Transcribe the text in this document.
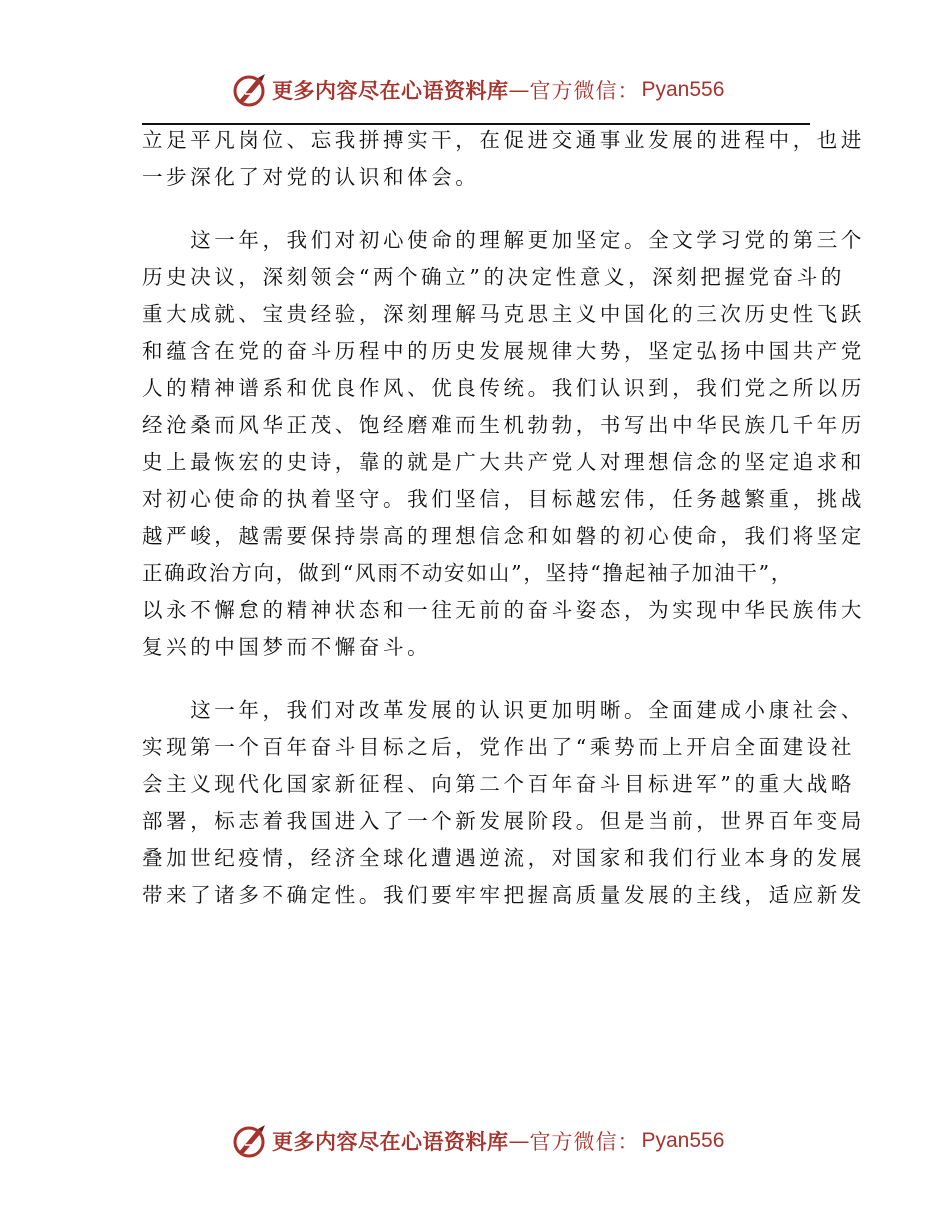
更多内容尽在心语资料库 — 官方微信： Pyan556

立足平凡岗位、忘我拼搏实干，在促进交通事业发展的进程中，也进

一步深化了对党的认识和体会。

　　这一年，我们对初心使命的理解更加坚定。全文学习党的第三个

历史决议，深刻领会“两个确立”的决定性意义，深刻把握党奋斗的

重大成就、宝贵经验，深刻理解马克思主义中国化的三次历史性飞跃

和蕴含在党的奋斗历程中的历史发展规律大势，坚定弘扬中国共产党

人的精神谱系和优良作风、优良传统。我们认识到，我们党之所以历

经沧桑而风华正茂、饱经磨难而生机勃勃，书写出中华民族几千年历

史上最恢宏的史诗，靠的就是广大共产党人对理想信念的坚定追求和

对初心使命的执着坚守。我们坚信，目标越宏伟，任务越繁重，挑战

越严峻，越需要保持崇高的理想信念和如磐的初心使命，我们将坚定

正确政治方向，做到“风雨不动安如山”，坚持“撸起袖子加油干”，

以永不懈怠的精神状态和一往无前的奋斗姿态，为实现中华民族伟大

复兴的中国梦而不懈奋斗。

　　这一年，我们对改革发展的认识更加明晰。全面建成小康社会、

实现第一个百年奋斗目标之后，党作出了“乘势而上开启全面建设社

会主义现代化国家新征程、向第二个百年奋斗目标进军”的重大战略

部署，标志着我国进入了一个新发展阶段。但是当前，世界百年变局

叠加世纪疫情，经济全球化遭遇逆流，对国家和我们行业本身的发展

带来了诸多不确定性。我们要牢牢把握高质量发展的主线，适应新发

更多内容尽在心语资料库 — 官方微信： Pyan556
